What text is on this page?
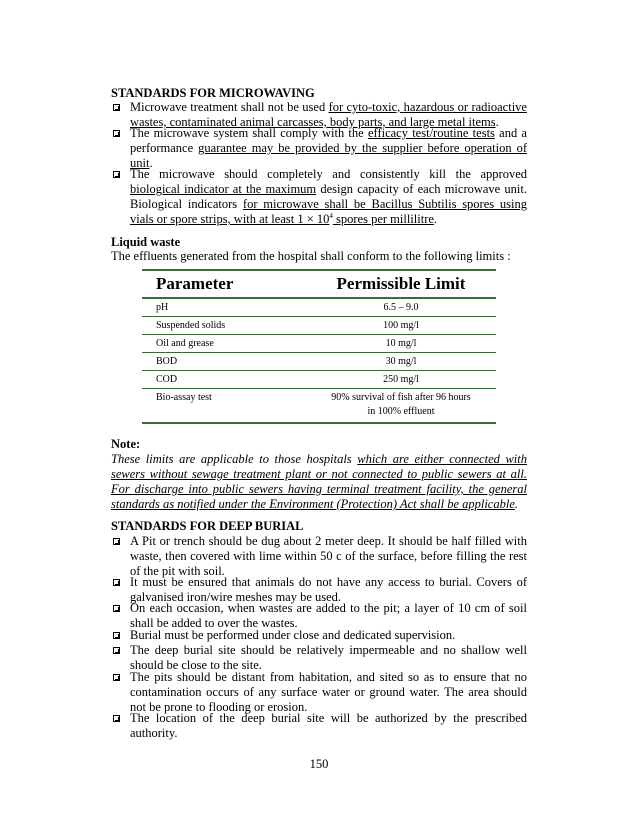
STANDARDS FOR MICROWAVING
Microwave treatment shall not be used for cyto-toxic, hazardous or radioactive wastes, contaminated animal carcasses, body parts, and large metal items.
The microwave system shall comply with the efficacy test/routine tests and a performance guarantee may be provided by the supplier before operation of unit.
The microwave should completely and consistently kill the approved biological indicator at the maximum design capacity of each microwave unit. Biological indicators for microwave shall be Bacillus Subtilis spores using vials or spore strips, with at least $1 \times 10^4$ spores per millilitre.
Liquid waste
The effluents generated from the hospital shall conform to the following limits :
Parameter	Permissible Limit
pH	6.5 – 9.0
Suspended solids	100 mg/l
Oil and grease	10 mg/l
BOD	30 mg/l
COD	250 mg/l
Bio-assay test	90% survival of fish after 96 hours
in 100% effluent
Note:
These limits are applicable to those hospitals which are either connected with sewers without sewage treatment plant or not connected to public sewers at all. For discharge into public sewers having terminal treatment facility, the general standards as notified under the Environment (Protection) Act shall be applicable.
STANDARDS FOR DEEP BURIAL
A Pit or trench should be dug about 2 meter deep. It should be half filled with waste, then covered with lime within 50 c of the surface, before filling the rest of the pit with soil.
It must be ensured that animals do not have any access to burial. Covers of galvanised iron/wire meshes may be used.
On each occasion, when wastes are added to the pit; a layer of 10 cm of soil shall be added to over the wastes.
Burial must be performed under close and dedicated supervision.
The deep burial site should be relatively impermeable and no shallow well should be close to the site.
The pits should be distant from habitation, and sited so as to ensure that no contamination occurs of any surface water or ground water. The area should not be prone to flooding or erosion.
The location of the deep burial site will be authorized by the prescribed authority.
150
